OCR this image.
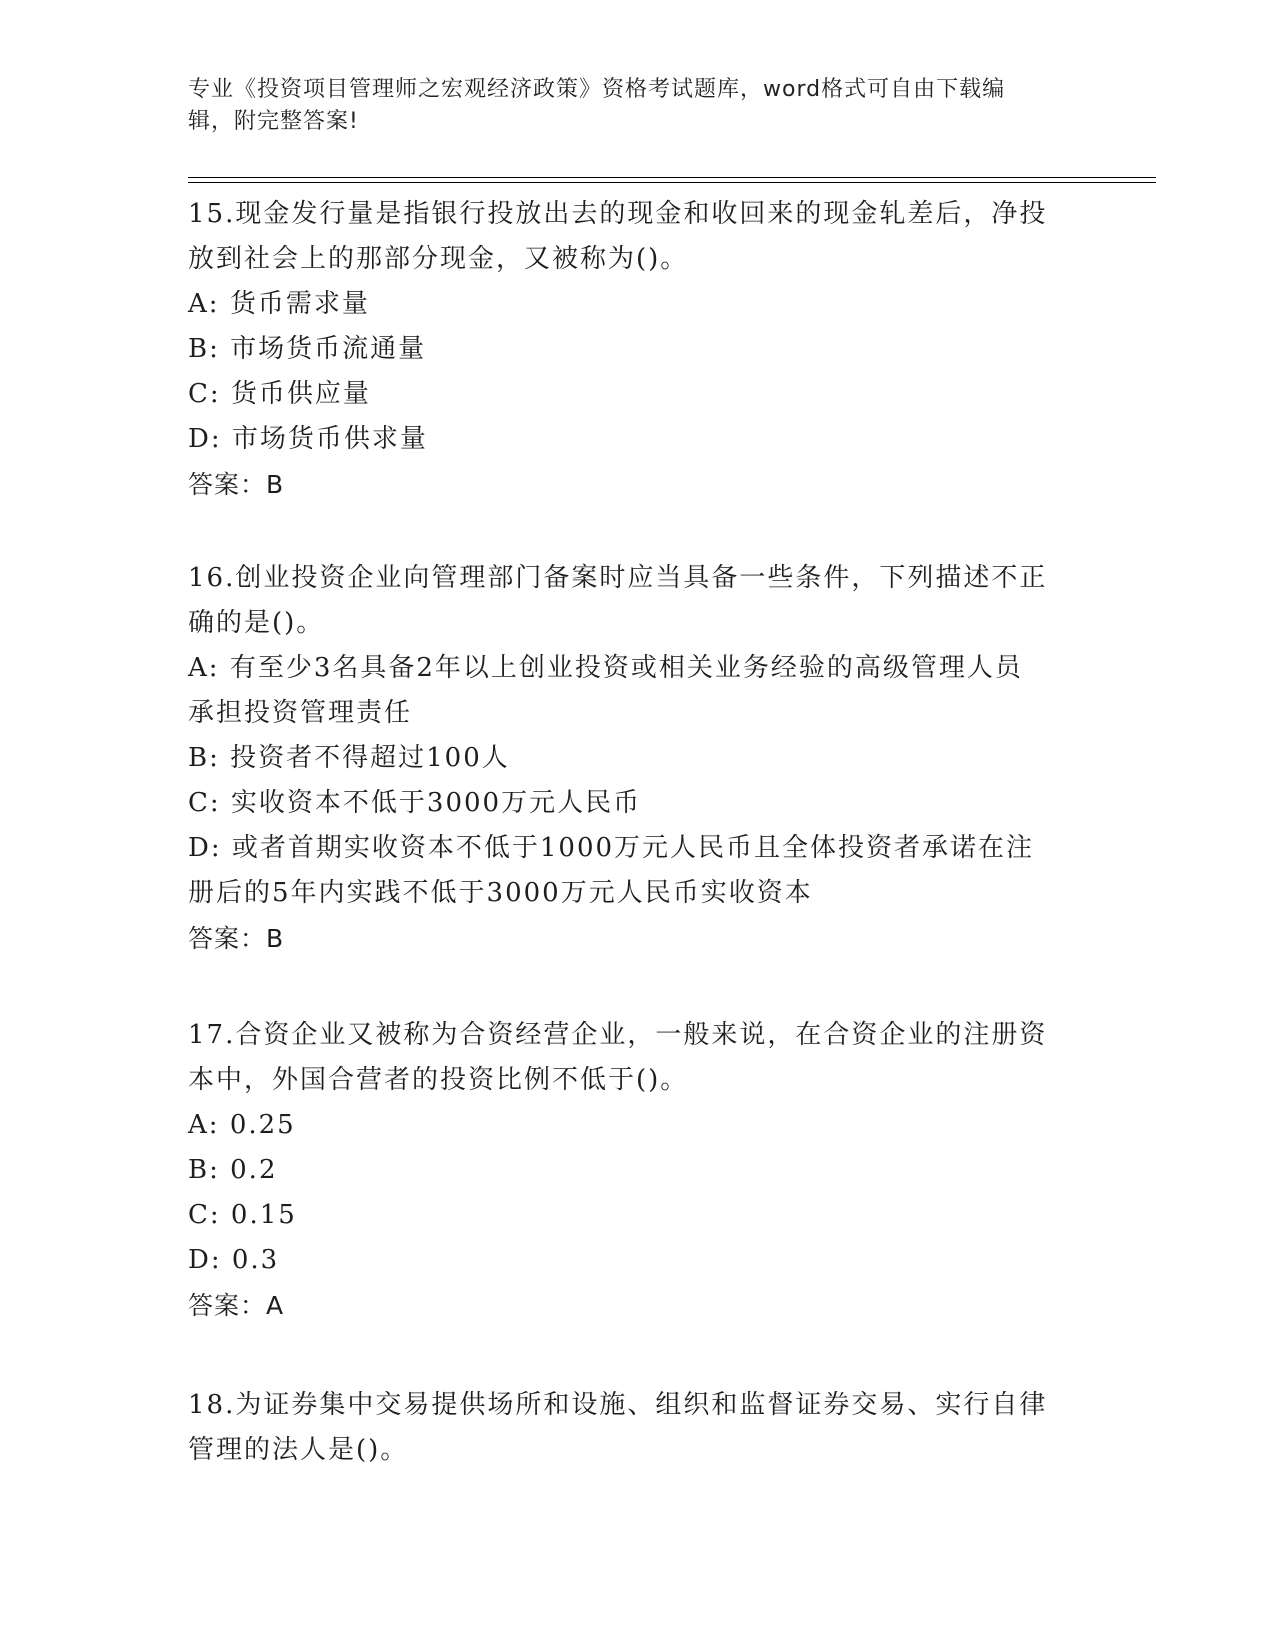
专业《投资项目管理师之宏观经济政策》资格考试题库，word格式可自由下载编
辑，附完整答案!

15.现金发行量是指银行投放出去的现金和收回来的现金轧差后，净投

放到社会上的那部分现金，又被称为()。

A: 货币需求量

B: 市场货币流通量

C: 货币供应量

D: 市场货币供求量

答案：B

16.创业投资企业向管理部门备案时应当具备一些条件，下列描述不正

确的是()。

A: 有至少3名具备2年以上创业投资或相关业务经验的高级管理人员

承担投资管理责任

B: 投资者不得超过100人

C: 实收资本不低于3000万元人民币

D: 或者首期实收资本不低于1000万元人民币且全体投资者承诺在注

册后的5年内实践不低于3000万元人民币实收资本

答案：B

17.合资企业又被称为合资经营企业，一般来说，在合资企业的注册资

本中，外国合营者的投资比例不低于()。

A: 0.25

B: 0.2

C: 0.15

D: 0.3

答案：A

18.为证券集中交易提供场所和设施、组织和监督证券交易、实行自律

管理的法人是()。
